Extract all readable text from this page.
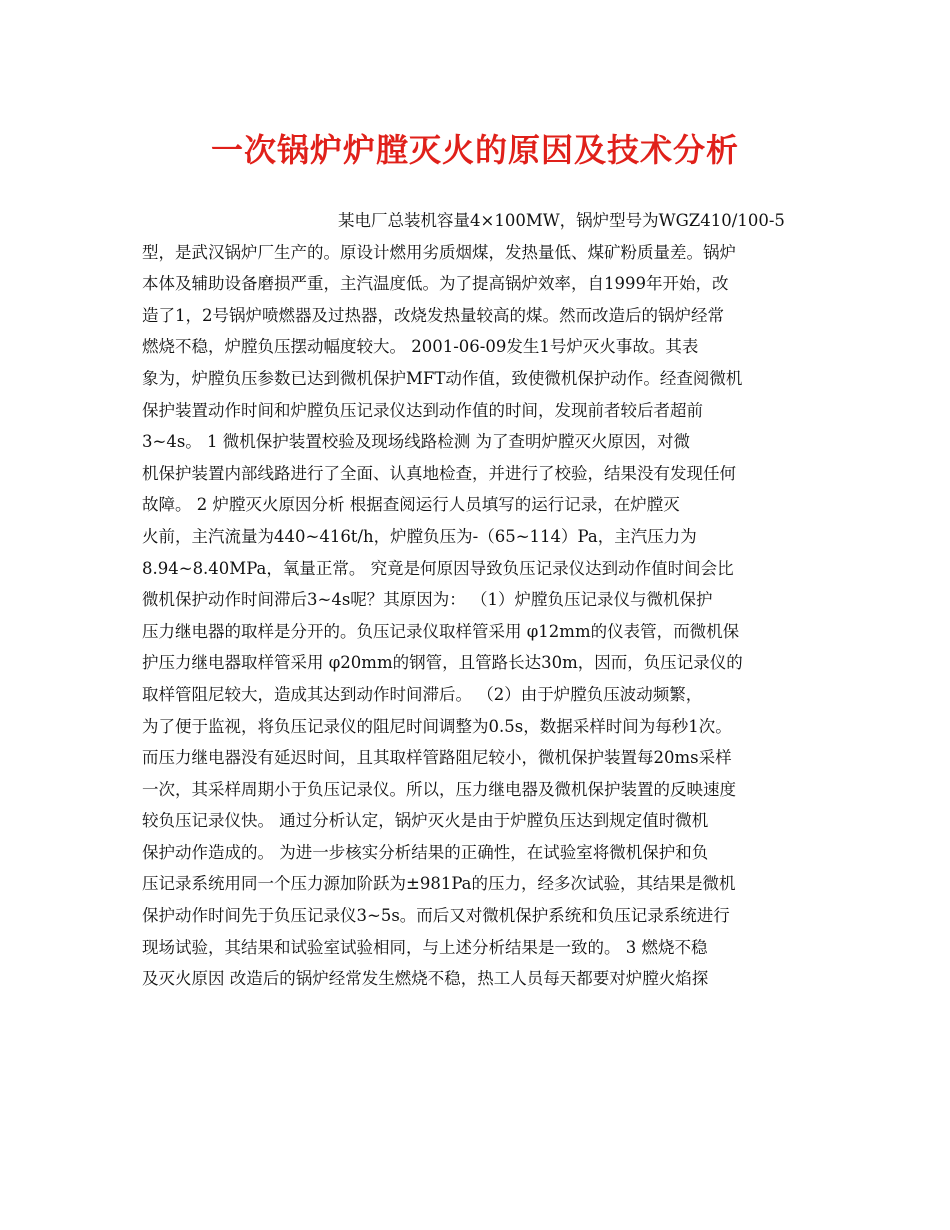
一次锅炉炉膛灭火的原因及技术分析
某电厂总装机容量4×100MW，锅炉型号为WGZ410/100-5
型，是武汉锅炉厂生产的。原设计燃用劣质烟煤，发热量低、煤矿粉质量差。锅炉
本体及辅助设备磨损严重，主汽温度低。为了提高锅炉效率，自1999年开始，改
造了1，2号锅炉喷燃器及过热器，改烧发热量较高的煤。然而改造后的锅炉经常
燃烧不稳，炉膛负压摆动幅度较大。 2001-06-09发生1号炉灭火事故。其表
象为，炉膛负压参数已达到微机保护MFT动作值，致使微机保护动作。经查阅微机
保护装置动作时间和炉膛负压记录仪达到动作值的时间，发现前者较后者超前
3~4s。 1 微机保护装置校验及现场线路检测 为了查明炉膛灭火原因，对微
机保护装置内部线路进行了全面、认真地检查，并进行了校验，结果没有发现任何
故障。 2 炉膛灭火原因分析 根据查阅运行人员填写的运行记录，在炉膛灭
火前，主汽流量为440~416t/h，炉膛负压为-（65~114）Pa，主汽压力为
8.94~8.40MPa，氧量正常。 究竟是何原因导致负压记录仪达到动作值时间会比
微机保护动作时间滞后3~4s呢？其原因为： （1）炉膛负压记录仪与微机保护
压力继电器的取样是分开的。负压记录仪取样管采用 φ12mm的仪表管，而微机保
护压力继电器取样管采用 φ20mm的钢管，且管路长达30m，因而，负压记录仪的
取样管阻尼较大，造成其达到动作时间滞后。 （2）由于炉膛负压波动频繁，
为了便于监视，将负压记录仪的阻尼时间调整为0.5s，数据采样时间为每秒1次。
而压力继电器没有延迟时间，且其取样管路阻尼较小，微机保护装置每20ms采样
一次，其采样周期小于负压记录仪。所以，压力继电器及微机保护装置的反映速度
较负压记录仪快。 通过分析认定，锅炉灭火是由于炉膛负压达到规定值时微机
保护动作造成的。 为进一步核实分析结果的正确性，在试验室将微机保护和负
压记录系统用同一个压力源加阶跃为±981Pa的压力，经多次试验，其结果是微机
保护动作时间先于负压记录仪3~5s。而后又对微机保护系统和负压记录系统进行
现场试验，其结果和试验室试验相同，与上述分析结果是一致的。 3 燃烧不稳
及灭火原因 改造后的锅炉经常发生燃烧不稳，热工人员每天都要对炉膛火焰探
